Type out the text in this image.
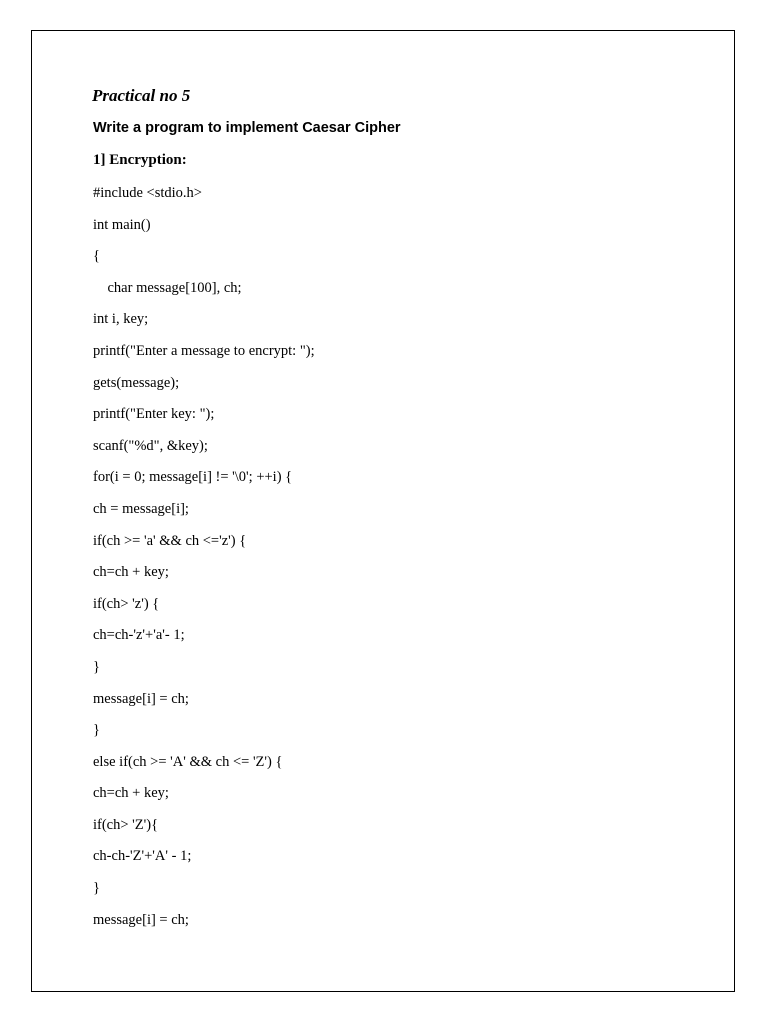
Practical no 5
Write a program to implement Caesar Cipher
1] Encryption:
#include <stdio.h>
int main()
{
char message[100], ch;
int i, key;
printf("Enter a message to encrypt: ");
gets(message);
printf("Enter key: ");
scanf("%d", &key);
for(i = 0; message[i] != '\0'; ++i) {
ch = message[i];
if(ch >= 'a' && ch <='z') {
ch=ch + key;
if(ch> 'z') {
ch=ch-'z'+'a'- 1;
}
message[i] = ch;
}
else if(ch >= 'A' && ch <= 'Z') {
ch=ch + key;
if(ch> 'Z'){
ch-ch-'Z'+'A' - 1;
}
message[i] = ch;
